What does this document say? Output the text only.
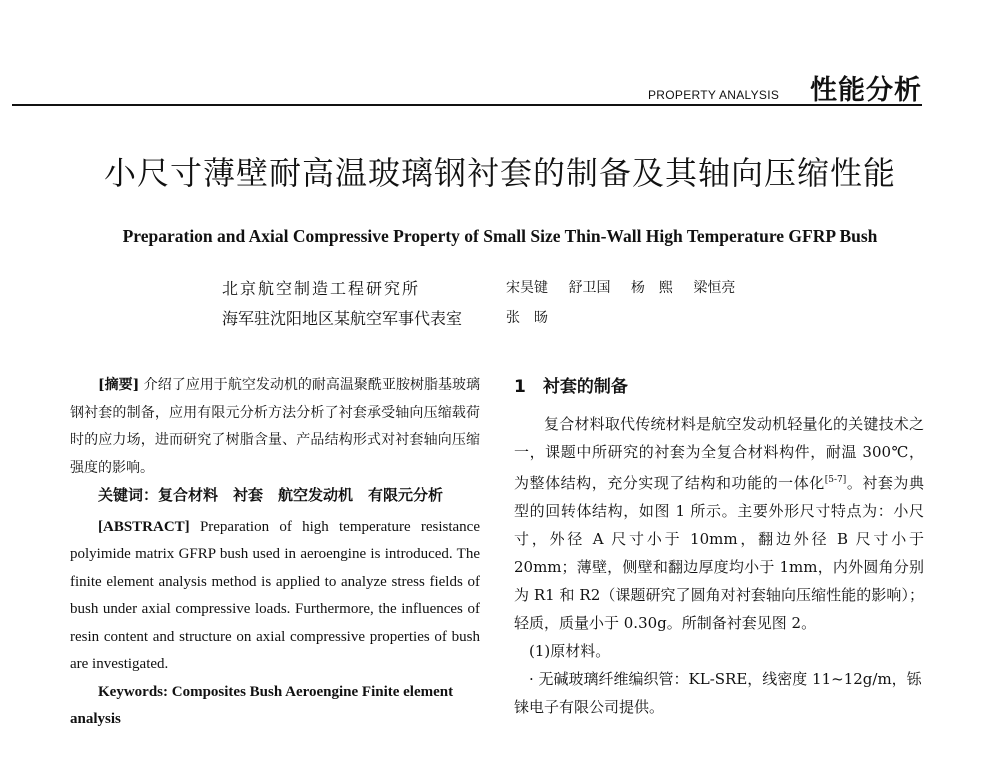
PROPERTY ANALYSIS 性能分析
小尺寸薄壁耐高温玻璃钢衬套的制备及其轴向压缩性能
Preparation and Axial Compressive Property of Small Size Thin-Wall High Temperature GFRP Bush
北京航空制造工程研究所	宋昊键 舒卫国 杨　熙 梁恒亮
海军驻沈阳地区某航空军事代表室	张　旸

[摘要] 介绍了应用于航空发动机的耐高温聚酰亚胺树脂基玻璃钢衬套的制备，应用有限元分析方法分析了衬套承受轴向压缩载荷时的应力场，进而研究了树脂含量、产品结构形式对衬套轴向压缩强度的影响。

关键词：复合材料　衬套　航空发动机　有限元分析

[ABSTRACT] Preparation of high temperature resistance polyimide matrix GFRP bush used in aeroengine is introduced. The finite element analysis method is applied to analyze stress fields of bush under axial compressive loads. Furthermore, the influences of resin content and structure on axial compressive properties of bush are investigated.

Keywords: Composites Bush Aeroengine Finite element analysis

1　衬套的制备

复合材料取代传统材料是航空发动机轻量化的关键技术之一，课题中所研究的衬套为全复合材料构件，耐温 300℃，为整体结构，充分实现了结构和功能的一体化[5-7]。衬套为典型的回转体结构，如图 1 所示。主要外形尺寸特点为：小尺寸，外径 A 尺寸小于 10mm，翻边外径 B 尺寸小于 20mm；薄壁，侧壁和翻边厚度均小于 1mm，内外圆角分别为 R1 和 R2（课题研究了圆角对衬套轴向压缩性能的影响）；轻质，质量小于 0.30g。所制备衬套见图 2。

(1)原材料。

· 无碱玻璃纤维编织管：KL-SRE，线密度 11~12g/m，铄铼电子有限公司提供。
